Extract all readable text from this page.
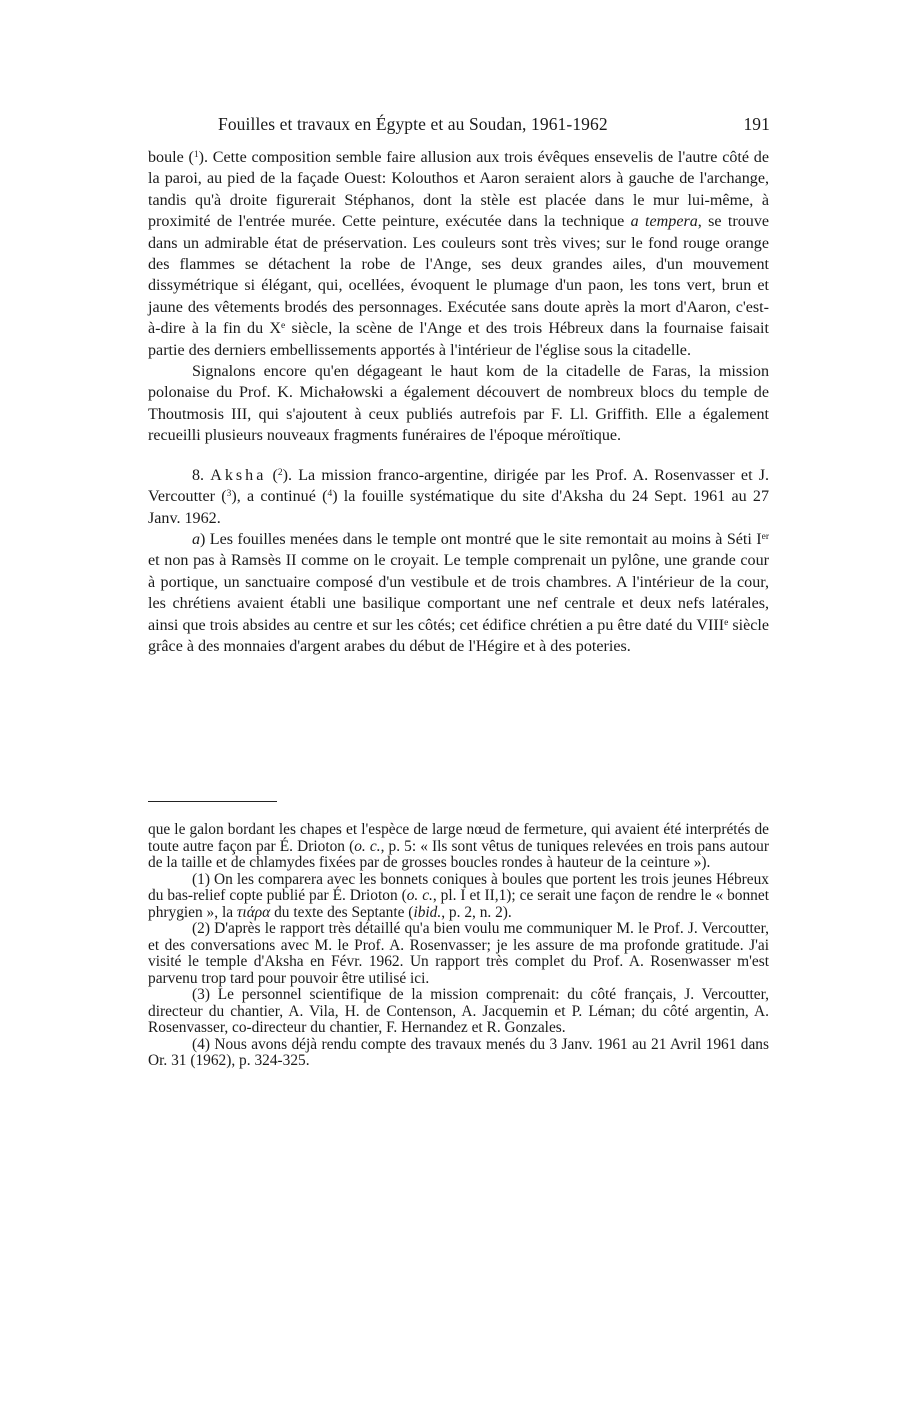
Fouilles et travaux en Égypte et au Soudan, 1961-1962	191

boule ($^1$). Cette composition semble faire allusion aux trois évêques ensevelis de l'autre côté de la paroi, au pied de la façade Ouest: Kolouthos et Aaron seraient alors à gauche de l'archange, tandis qu'à droite figurerait Stéphanos, dont la stèle est placée dans le mur lui-même, à proximité de l'entrée murée. Cette peinture, exécutée dans la technique a tempera, se trouve dans un admirable état de préservation. Les couleurs sont très vives; sur le fond rouge orange des flammes se détachent la robe de l'Ange, ses deux grandes ailes, d'un mouvement dissymétrique si élégant, qui, ocellées, évoquent le plumage d'un paon, les tons vert, brun et jaune des vêtements brodés des personnages. Exécutée sans doute après la mort d'Aaron, c'est-à-dire à la fin du Xe siècle, la scène de l'Ange et des trois Hébreux dans la fournaise faisait partie des derniers embellissements apportés à l'intérieur de l'église sous la citadelle.

Signalons encore qu'en dégageant le haut kom de la citadelle de Faras, la mission polonaise du Prof. K. Michałowski a également découvert de nombreux blocs du temple de Thoutmosis III, qui s'ajoutent à ceux publiés autrefois par F. Ll. Griffith. Elle a également recueilli plusieurs nouveaux fragments funéraires de l'époque méroïtique.

8. Aksha ($^2$). La mission franco-argentine, dirigée par les Prof. A. Rosenvasser et J. Vercoutter ($^3$), a continué ($^4$) la fouille systématique du site d'Aksha du 24 Sept. 1961 au 27 Janv. 1962.

a) Les fouilles menées dans le temple ont montré que le site remontait au moins à Séti Ier et non pas à Ramsès II comme on le croyait. Le temple comprenait un pylône, une grande cour à portique, un sanctuaire composé d'un vestibule et de trois chambres. A l'intérieur de la cour, les chrétiens avaient établi une basilique comportant une nef centrale et deux nefs latérales, ainsi que trois absides au centre et sur les côtés; cet édifice chrétien a pu être daté du VIIIe siècle grâce à des monnaies d'argent arabes du début de l'Hégire et à des poteries.

que le galon bordant les chapes et l'espèce de large nœud de fermeture, qui avaient été interprétés de toute autre façon par É. Drioton (o. c., p. 5: « Ils sont vêtus de tuniques relevées en trois pans autour de la taille et de chlamydes fixées par de grosses boucles rondes à hauteur de la ceinture »).

(1) On les comparera avec les bonnets coniques à boules que portent les trois jeunes Hébreux du bas-relief copte publié par É. Drioton (o. c., pl. I et II,1); ce serait une façon de rendre le « bonnet phrygien », la τιάρα du texte des Septante (ibid., p. 2, n. 2).

(2) D'après le rapport très détaillé qu'a bien voulu me communiquer M. le Prof. J. Vercoutter, et des conversations avec M. le Prof. A. Rosenvasser; je les assure de ma profonde gratitude. J'ai visité le temple d'Aksha en Févr. 1962. Un rapport très complet du Prof. A. Rosenwasser m'est parvenu trop tard pour pouvoir être utilisé ici.

(3) Le personnel scientifique de la mission comprenait: du côté français, J. Vercoutter, directeur du chantier, A. Vila, H. de Contenson, A. Jacquemin et P. Léman; du côté argentin, A. Rosenvasser, co-directeur du chantier, F. Hernandez et R. Gonzales.

(4) Nous avons déjà rendu compte des travaux menés du 3 Janv. 1961 au 21 Avril 1961 dans Or. 31 (1962), p. 324-325.
